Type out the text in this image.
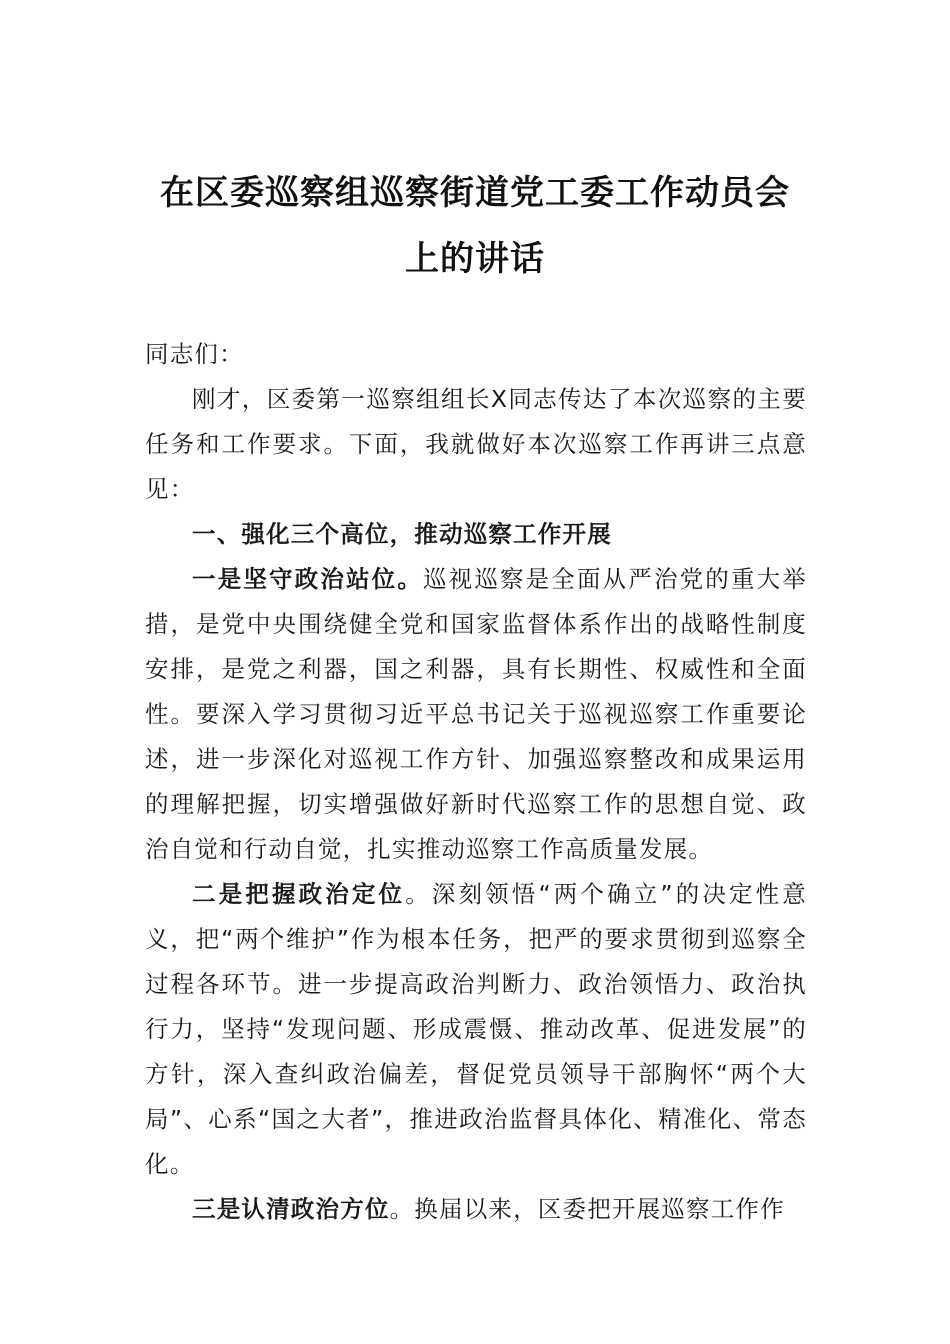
在区委巡察组巡察街道党工委工作动员会
上的讲话

同志们：

刚才，区委第一巡察组组长X同志传达了本次巡察的主要任务和工作要求。下面，我就做好本次巡察工作再讲三点意见：

一、强化三个高位，推动巡察工作开展

一是坚守政治站位。巡视巡察是全面从严治党的重大举措，是党中央围绕健全党和国家监督体系作出的战略性制度安排，是党之利器，国之利器，具有长期性、权威性和全面性。要深入学习贯彻习近平总书记关于巡视巡察工作重要论述，进一步深化对巡视工作方针、加强巡察整改和成果运用的理解把握，切实增强做好新时代巡察工作的思想自觉、政治自觉和行动自觉，扎实推动巡察工作高质量发展。

二是把握政治定位。深刻领悟“两个确立”的决定性意义，把“两个维护”作为根本任务，把严的要求贯彻到巡察全过程各环节。进一步提高政治判断力、政治领悟力、政治执行力，坚持“发现问题、形成震慑、推动改革、促进发展”的方针，深入查纠政治偏差，督促党员领导干部胸怀“两个大局”、心系“国之大者”，推进政治监督具体化、精准化、常态化。

三是认清政治方位。换届以来，区委把开展巡察工作作
